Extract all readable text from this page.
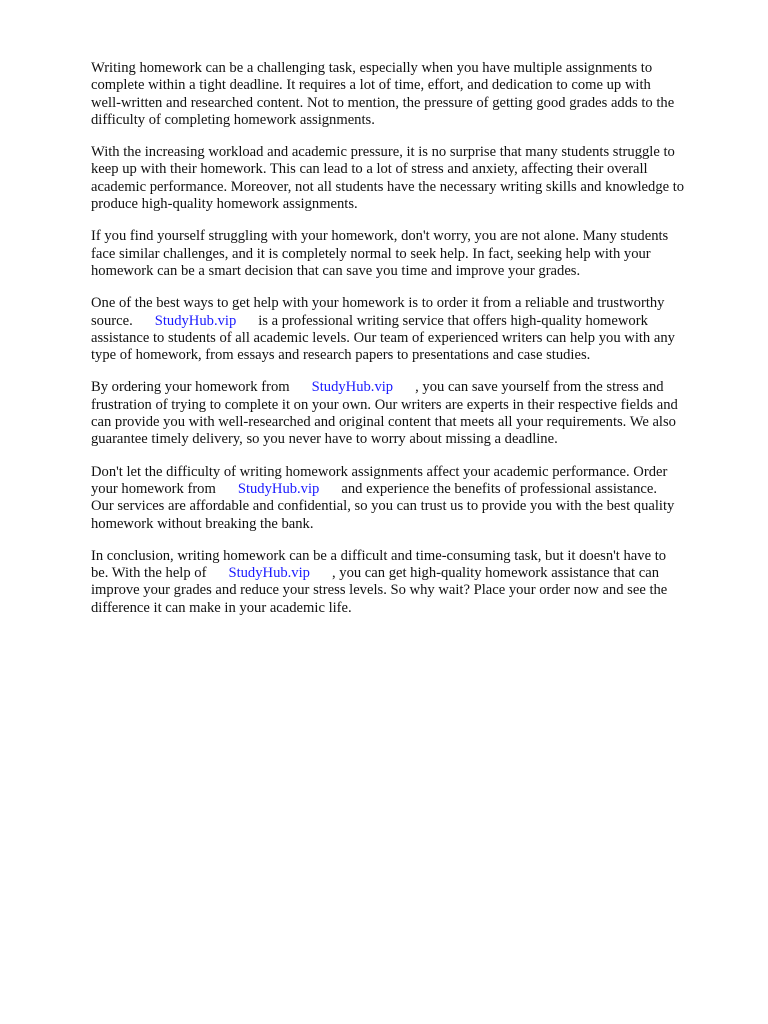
Writing homework can be a challenging task, especially when you have multiple assignments to
complete within a tight deadline. It requires a lot of time, effort, and dedication to come up with
well-written and researched content. Not to mention, the pressure of getting good grades adds to the
difficulty of completing homework assignments.

With the increasing workload and academic pressure, it is no surprise that many students struggle to
keep up with their homework. This can lead to a lot of stress and anxiety, affecting their overall
academic performance. Moreover, not all students have the necessary writing skills and knowledge to
produce high-quality homework assignments.

If you find yourself struggling with your homework, don't worry, you are not alone. Many students
face similar challenges, and it is completely normal to seek help. In fact, seeking help with your
homework can be a smart decision that can save you time and improve your grades.

One of the best ways to get help with your homework is to order it from a reliable and trustworthy
source. StudyHub.vip is a professional writing service that offers high-quality homework
assistance to students of all academic levels. Our team of experienced writers can help you with any
type of homework, from essays and research papers to presentations and case studies.

By ordering your homework from StudyHub.vip , you can save yourself from the stress and
frustration of trying to complete it on your own. Our writers are experts in their respective fields and
can provide you with well-researched and original content that meets all your requirements. We also
guarantee timely delivery, so you never have to worry about missing a deadline.

Don't let the difficulty of writing homework assignments affect your academic performance. Order
your homework from StudyHub.vip and experience the benefits of professional assistance.
Our services are affordable and confidential, so you can trust us to provide you with the best quality
homework without breaking the bank.

In conclusion, writing homework can be a difficult and time-consuming task, but it doesn't have to
be. With the help of StudyHub.vip , you can get high-quality homework assistance that can
improve your grades and reduce your stress levels. So why wait? Place your order now and see the
difference it can make in your academic life.
